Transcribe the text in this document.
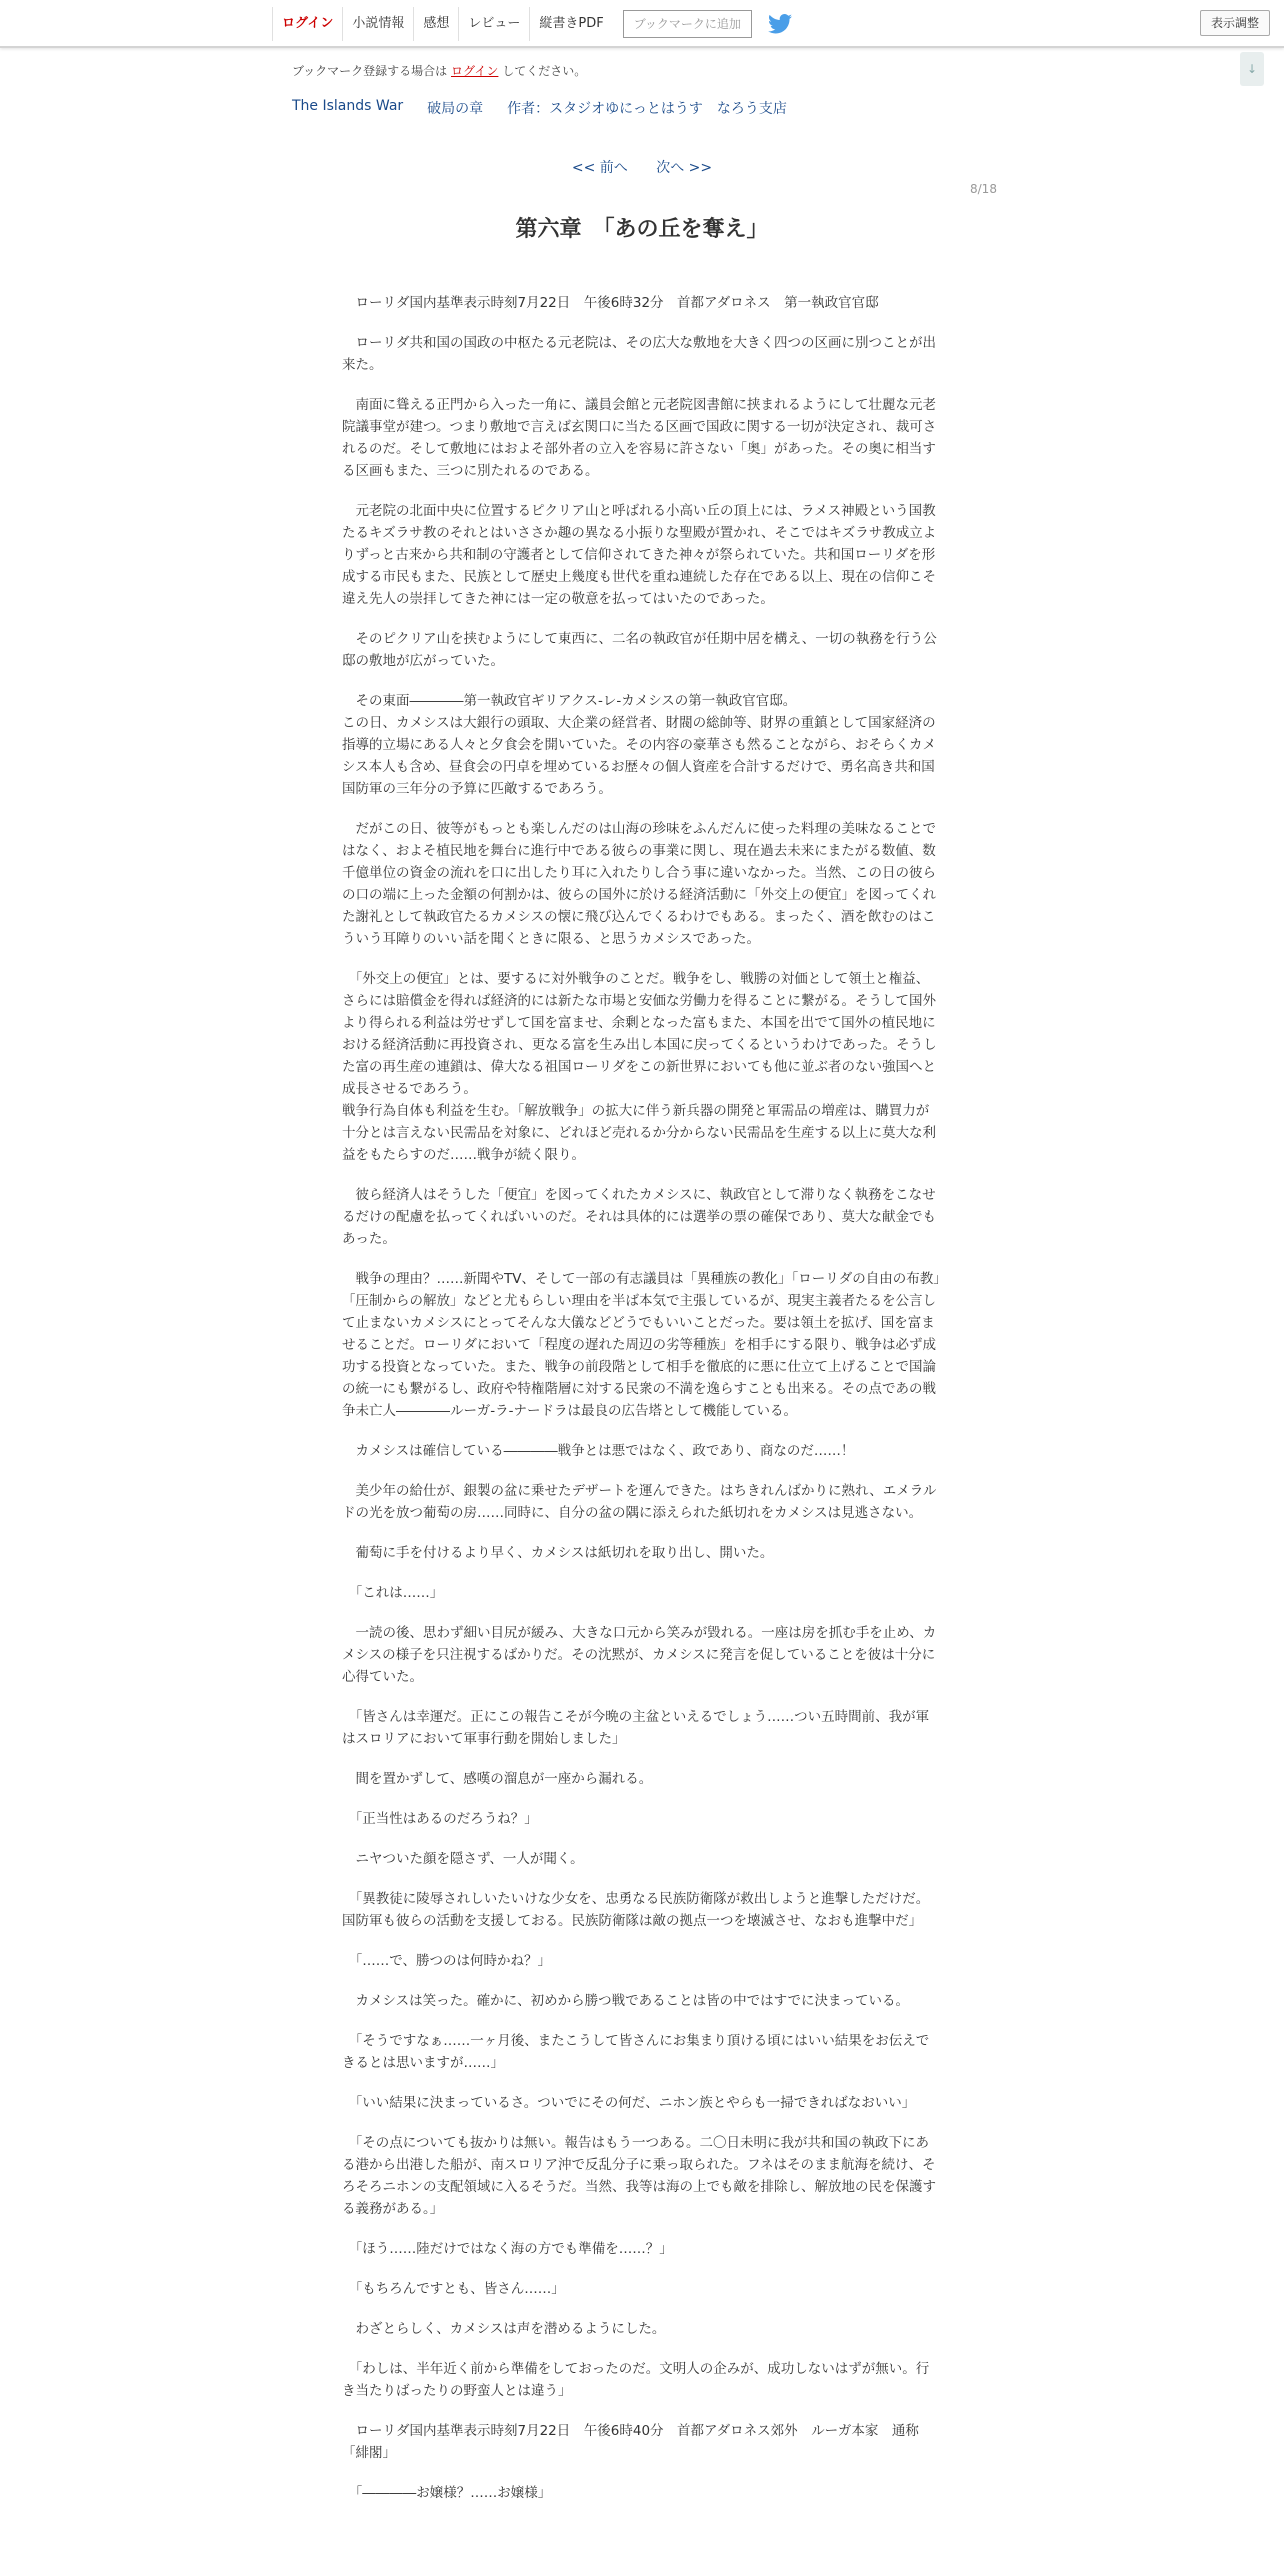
ログイン	小説情報	感想	レビュー	縦書きPDF	ブックマークに追加	表示調整
↓
ブックマーク登録する場合は ログイン してください。
The Islands War 破局の章 作者： スタジオゆにっとはうす　なろう支店
<< 前へ 次へ >>
8/18
第六章　「あの丘を奪え」

　ローリダ国内基準表示時刻7月22日　午後6時32分　首都アダロネス　第一執政官官邸

　ローリダ共和国の国政の中枢たる元老院は、その広大な敷地を大きく四つの区画に別つことが出来た。

　南面に聳える正門から入った一角に、議員会館と元老院図書館に挟まれるようにして壮麗な元老院議事堂が建つ。つまり敷地で言えば玄関口に当たる区画で国政に関する一切が決定され、裁可されるのだ。そして敷地にはおよそ部外者の立入を容易に許さない「奥」があった。その奥に相当する区画もまた、三つに別たれるのである。

　元老院の北面中央に位置するピクリア山と呼ばれる小高い丘の頂上には、ラメス神殿という国教たるキズラサ教のそれとはいささか趣の異なる小振りな聖殿が置かれ、そこではキズラサ教成立よりずっと古来から共和制の守護者として信仰されてきた神々が祭られていた。共和国ローリダを形成する市民もまた、民族として歴史上幾度も世代を重ね連続した存在である以上、現在の信仰こそ違え先人の崇拝してきた神には一定の敬意を払ってはいたのであった。

　そのピクリア山を挟むようにして東西に、二名の執政官が任期中居を構え、一切の執務を行う公邸の敷地が広がっていた。

　その東面――――第一執政官ギリアクス-レ-カメシスの第一執政官官邸。
この日、カメシスは大銀行の頭取、大企業の経営者、財閥の総帥等、財界の重鎮として国家経済の指導的立場にある人々と夕食会を開いていた。その内容の豪華さも然ることながら、おそらくカメシス本人も含め、昼食会の円卓を埋めているお歴々の個人資産を合計するだけで、勇名高き共和国国防軍の三年分の予算に匹敵するであろう。

　だがこの日、彼等がもっとも楽しんだのは山海の珍味をふんだんに使った料理の美味なることではなく、およそ植民地を舞台に進行中である彼らの事業に関し、現在過去未来にまたがる数値、数千億単位の資金の流れを口に出したり耳に入れたりし合う事に違いなかった。当然、この日の彼らの口の端に上った金額の何割かは、彼らの国外に於ける経済活動に「外交上の便宜」を図ってくれた謝礼として執政官たるカメシスの懐に飛び込んでくるわけでもある。まったく、酒を飲むのはこういう耳障りのいい話を聞くときに限る、と思うカメシスであった。

　「外交上の便宜」とは、要するに対外戦争のことだ。戦争をし、戦勝の対価として領土と権益、さらには賠償金を得れば経済的には新たな市場と安価な労働力を得ることに繋がる。そうして国外より得られる利益は労せずして国を富ませ、余剰となった富もまた、本国を出でて国外の植民地における経済活動に再投資され、更なる富を生み出し本国に戻ってくるというわけであった。そうした富の再生産の連鎖は、偉大なる祖国ローリダをこの新世界においても他に並ぶ者のない強国へと成長させるであろう。
戦争行為自体も利益を生む。「解放戦争」の拡大に伴う新兵器の開発と軍需品の増産は、購買力が十分とは言えない民需品を対象に、どれほど売れるか分からない民需品を生産する以上に莫大な利益をもたらすのだ……戦争が続く限り。

　彼ら経済人はそうした「便宜」を図ってくれたカメシスに、執政官として滞りなく執務をこなせるだけの配慮を払ってくればいいのだ。それは具体的には選挙の票の確保であり、莫大な献金でもあった。

　戦争の理由？……新聞やTV、そして一部の有志議員は「異種族の教化」「ローリダの自由の布教」「圧制からの解放」などと尤もらしい理由を半ば本気で主張しているが、現実主義者たるを公言して止まないカメシスにとってそんな大儀などどうでもいいことだった。要は領土を拡げ、国を富ませることだ。ローリダにおいて「程度の遅れた周辺の劣等種族」を相手にする限り、戦争は必ず成功する投資となっていた。また、戦争の前段階として相手を徹底的に悪に仕立て上げることで国論の統一にも繋がるし、政府や特権階層に対する民衆の不満を逸らすことも出来る。その点であの戦争未亡人――――ルーガ-ラ-ナードラは最良の広告塔として機能している。

　カメシスは確信している――――戦争とは悪ではなく、政であり、商なのだ……！

　美少年の給仕が、銀製の盆に乗せたデザートを運んできた。はちきれんばかりに熟れ、エメラルドの光を放つ葡萄の房……同時に、自分の盆の隅に添えられた紙切れをカメシスは見逃さない。

　葡萄に手を付けるより早く、カメシスは紙切れを取り出し、開いた。

　「これは……」

　一読の後、思わず細い目尻が緩み、大きな口元から笑みが毀れる。一座は房を抓む手を止め、カメシスの様子を只注視するばかりだ。その沈黙が、カメシスに発言を促していることを彼は十分に心得ていた。

　「皆さんは幸運だ。正にこの報告こそが今晩の主盆といえるでしょう……つい五時間前、我が軍はスロリアにおいて軍事行動を開始しました」

　間を置かずして、感嘆の溜息が一座から漏れる。

　「正当性はあるのだろうね？」

　ニヤついた顔を隠さず、一人が聞く。

　「異教徒に陵辱されしいたいけな少女を、忠勇なる民族防衛隊が救出しようと進撃しただけだ。国防軍も彼らの活動を支援しておる。民族防衛隊は敵の拠点一つを壊滅させ、なおも進撃中だ」

　「……で、勝つのは何時かね？」

　カメシスは笑った。確かに、初めから勝つ戦であることは皆の中ではすでに決まっている。

　「そうですなぁ……一ヶ月後、またこうして皆さんにお集まり頂ける頃にはいい結果をお伝えできるとは思いますが……」

　「いい結果に決まっているさ。ついでにその何だ、ニホン族とやらも一掃できればなおいい」

　「その点についても抜かりは無い。報告はもう一つある。二〇日未明に我が共和国の執政下にある港から出港した船が、南スロリア沖で反乱分子に乗っ取られた。フネはそのまま航海を続け、そろそろニホンの支配領域に入るそうだ。当然、我等は海の上でも敵を排除し、解放地の民を保護する義務がある。」

　「ほう……陸だけではなく海の方でも準備を……？」

　「もちろんですとも、皆さん……」

　わざとらしく、カメシスは声を潜めるようにした。

　「わしは、半年近く前から準備をしておったのだ。文明人の企みが、成功しないはずが無い。行き当たりばったりの野蛮人とは違う」

　ローリダ国内基準表示時刻7月22日　午後6時40分　首都アダロネス郊外　ルーガ本家　通称「緋閣」

　「――――お嬢様？……お嬢様」
